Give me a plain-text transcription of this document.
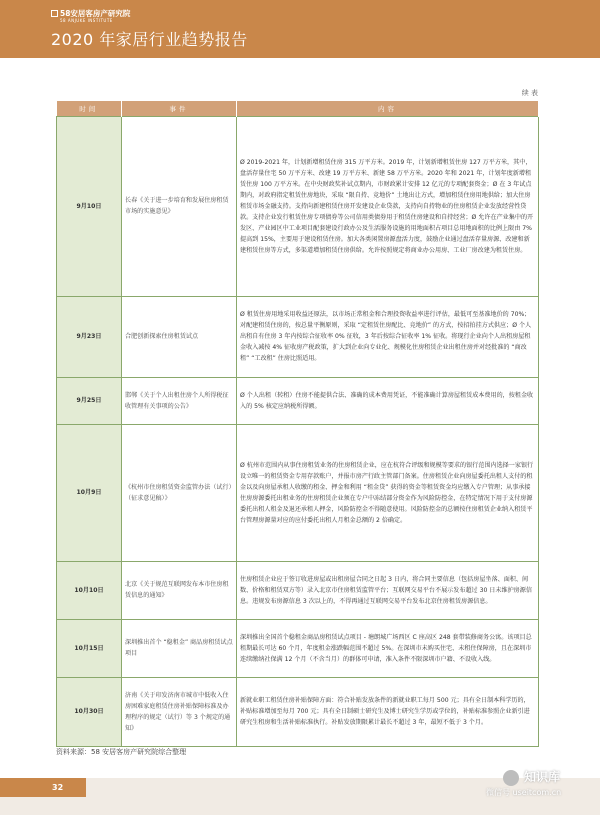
58安居客房产研究院
58 ANJUKE INSTITUTE
2020 年家居行业趋势报告
续 表
时间	事件	内容
9月10日	长春《关于进一步培育和发展住房租赁市场的实施意见》	Ø 2019-2021 年，计划新增租赁住房 315 万平方米。2019 年，计划新增租赁住房 127 万平方米，其中，盘活存量住宅 50 万平方米、改建 19 万平方米、新建 58 万平方米。2020 年和 2021 年，计划年度新增租赁住房 100 万平方米。在中央财政奖补试点期内，市财政累计安排 12 亿元的专项配套资金；Ø 在 3 年试点期内，对政府指定租赁住房地块，采取 “限自持、竞地价” 土地出让方式，增加租赁住房用地供给；加大住房租赁市场金融支持。支持向新建租赁住房开发建设企业贷款，支持向自持物业的住房租赁企业发放经营性贷款。支持企业发行租赁住房专项债券等公司信用类债券用于租赁住房建设和自持经营；Ø 允许在产业集中的开发区、产业园区中工业项目配套建设行政办公及生活服务设施的用地面积占项目总用地面积的比例上限由 7% 提高到 15%，主要用于建设租赁住房。加大各类闲置房源盘活力度，鼓励企业通过盘活存量房源、改建和新建租赁住房等方式，多渠道增加租赁住房供给。允许按照规定将商业办公用房、工业厂房改建为租赁住房。
9月23日	合肥创新探索住房租赁试点	Ø 租赁住房用地采用收益还原法，以市场正常租金和合理投资收益率进行评估，最低可至基准地价的 70%；对配建租赁住房的，按总量平衡原则，采取 “定租赁住房配比、竞地价” 的方式，按招拍挂方式供应；Ø 个人出租自有住房 3 年内按综合征收率 0% 征收，3 年后按综合征收率 1% 征收。将现行企业向个人出租房屋租金收入减按 4% 征收房产税政策，扩大到企业向专业化、规模化住房租赁企业出租住房并对经批准的 “商改租” “工改租” 住房比照适用。
9月25日	邯郸《关于个人出租住房个人所得税征收管理有关事项的公告》	Ø 个人出租（转租）住房不能提供合法、准确的成本费用凭证，不能准确计算房屋租赁成本费用的，按租金收入的 5% 核定应纳税所得额。
10月9日	《杭州市住房租赁资金监管办法（试行）（征求意见稿）》	Ø 杭州市范围内从事住房租赁业务的住房租赁企业，应在杭符合评级和规模等要求的银行范围内选择一家银行设立唯一的租赁资金专用存款账户，并报市房产行政主管部门备案。住房租赁企业向房屋委托出租人支付的租金以及向房屋承租人收缴的租金、押金和利用 “租金贷” 获得的资金等租赁资金均应缴入专户管理；从事承接住房房源委托出租业务的住房租赁企业须在专户中冻结部分资金作为风险防控金，在特定情况下用于支付房源委托出租人租金及退还承租人押金，风险防控金不得随意使用。风险防控金的总额按住房租赁企业纳入租赁平台管理房源量对应的应付委托出租人月租金总额的 2 倍确定。
10月10日	北京《关于规范互联网发布本市住房租赁信息的通知》	住房租赁企业应于签订收进房屋或出租房屋合同之日起 3 日内，将合同主要信息（包括房屋坐落、面积、间数、价格和租赁双方等）录入北京市住房租赁监管平台；互联网交易平台不展示发布超过 30 日未维护房源信息。违规发布房源信息 3 次以上的，不得再通过互联网交易平台发布北京住房租赁房源信息。
10月15日	深圳推出首个 “稳租金” 商品房租赁试点项目	深圳推出全国首个稳租金商品房租赁试点项目 - 塘朗城广场西区 C 座高区 248 套带装修商务公寓。该项目总租期最长可达 60 个月，年度租金涨跌幅范围不超过 5%。在深圳市未购买住宅、未租住保障房，且在深圳市连续缴纳社保满 12 个月（不含当月）的群体可申请，准入条件不限深圳市户籍、不设收入线。
10月30日	济南《关于印发济南市城市中低收入住房困难家庭租赁住房补贴保障标准及办理程序的规定（试行）等 3 个规定的通知》	新就业职工租赁住房补贴保障方面：符合补贴发放条件的新就业职工每月 500 元；具有全日制本科学历的，补贴标准增加至每月 700 元；具有全日制硕士研究生及博士研究生学历或学位的，补贴标准参照企业新引进研究生租房和生活补贴标准执行。补贴发放期限累计最长不超过 3 年，最短不低于 3 个月。
资料来源：58 安居客房产研究院综合整理
32
知识库
微信号 useitcom.cn
